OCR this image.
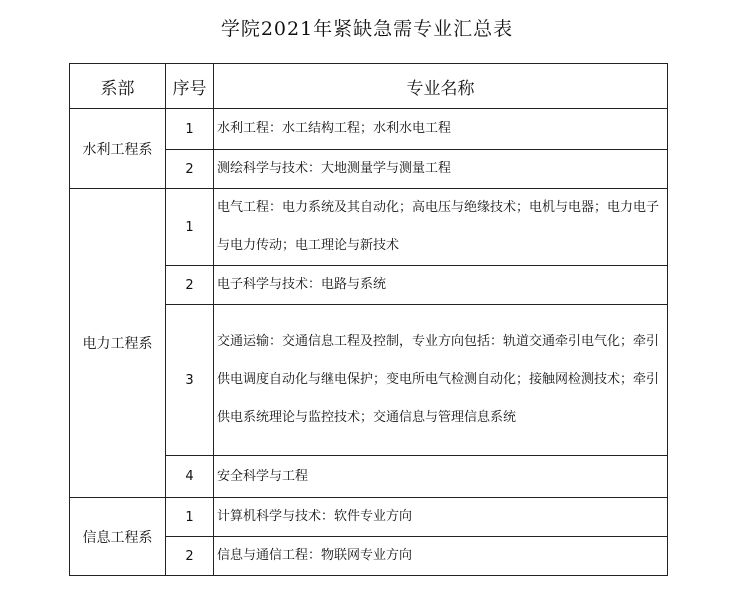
学院2021年紧缺急需专业汇总表
系部	序号	专业名称
水利工程系	1	水利工程：水工结构工程；水利水电工程
	2	测绘科学与技术：大地测量学与测量工程
电力工程系	1	电气工程：电力系统及其自动化；高电压与绝缘技术；电机与电器；电力电子与电力传动；电工理论与新技术
	2	电子科学与技术：电路与系统
	3	交通运输：交通信息工程及控制，专业方向包括：轨道交通牵引电气化；牵引供电调度自动化与继电保护；变电所电气检测自动化；接触网检测技术；牵引供电系统理论与监控技术；交通信息与管理信息系统
	4	安全科学与工程
信息工程系	1	计算机科学与技术：软件专业方向
	2	信息与通信工程：物联网专业方向
